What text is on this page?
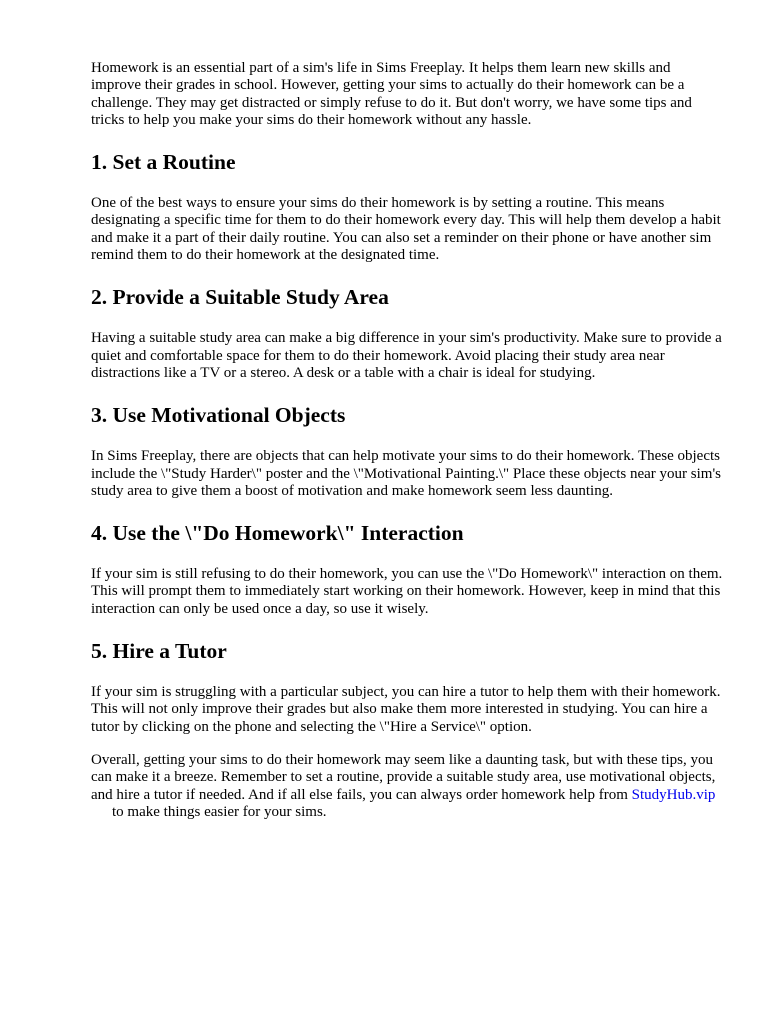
Homework is an essential part of a sim's life in Sims Freeplay. It helps them learn new skills and improve their grades in school. However, getting your sims to actually do their homework can be a challenge. They may get distracted or simply refuse to do it. But don't worry, we have some tips and tricks to help you make your sims do their homework without any hassle.

1. Set a Routine

One of the best ways to ensure your sims do their homework is by setting a routine. This means designating a specific time for them to do their homework every day. This will help them develop a habit and make it a part of their daily routine. You can also set a reminder on their phone or have another sim remind them to do their homework at the designated time.

2. Provide a Suitable Study Area

Having a suitable study area can make a big difference in your sim's productivity. Make sure to provide a quiet and comfortable space for them to do their homework. Avoid placing their study area near distractions like a TV or a stereo. A desk or a table with a chair is ideal for studying.

3. Use Motivational Objects

In Sims Freeplay, there are objects that can help motivate your sims to do their homework. These objects include the \"Study Harder\" poster and the \"Motivational Painting.\" Place these objects near your sim's study area to give them a boost of motivation and make homework seem less daunting.

4. Use the \"Do Homework\" Interaction

If your sim is still refusing to do their homework, you can use the \"Do Homework\" interaction on them. This will prompt them to immediately start working on their homework. However, keep in mind that this interaction can only be used once a day, so use it wisely.

5. Hire a Tutor

If your sim is struggling with a particular subject, you can hire a tutor to help them with their homework. This will not only improve their grades but also make them more interested in studying. You can hire a tutor by clicking on the phone and selecting the \"Hire a Service\" option.

Overall, getting your sims to do their homework may seem like a daunting task, but with these tips, you can make it a breeze. Remember to set a routine, provide a suitable study area, use motivational objects, and hire a tutor if needed. And if all else fails, you can always order homework help from StudyHub.vipto make things easier for your sims.
